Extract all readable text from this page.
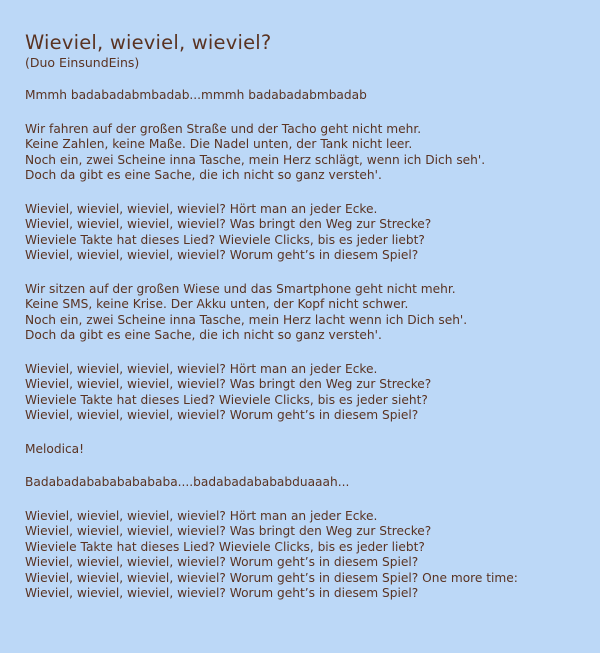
Wieviel, wieviel, wieviel?
(Duo EinsundEins)
Mmmh badabadabmbadab...mmmh badabadabmbadab
Wir fahren auf der großen Straße und der Tacho geht nicht mehr.
Keine Zahlen, keine Maße. Die Nadel unten, der Tank nicht leer.
Noch ein, zwei Scheine inna Tasche, mein Herz schlägt, wenn ich Dich seh'.
Doch da gibt es eine Sache, die ich nicht so ganz versteh'.
Wieviel, wieviel, wieviel, wieviel? Hört man an jeder Ecke.
Wieviel, wieviel, wieviel, wieviel? Was bringt den Weg zur Strecke?
Wieviele Takte hat dieses Lied? Wieviele Clicks, bis es jeder liebt?
Wieviel, wieviel, wieviel, wieviel? Worum geht’s in diesem Spiel?
Wir sitzen auf der großen Wiese und das Smartphone geht nicht mehr.
Keine SMS, keine Krise. Der Akku unten, der Kopf nicht schwer.
Noch ein, zwei Scheine inna Tasche, mein Herz lacht wenn ich Dich seh'.
Doch da gibt es eine Sache, die ich nicht so ganz versteh'.
Wieviel, wieviel, wieviel, wieviel? Hört man an jeder Ecke.
Wieviel, wieviel, wieviel, wieviel? Was bringt den Weg zur Strecke?
Wieviele Takte hat dieses Lied? Wieviele Clicks, bis es jeder sieht?
Wieviel, wieviel, wieviel, wieviel? Worum geht’s in diesem Spiel?
Melodica!
Badabadababababababa....badabadabababduaaah...
Wieviel, wieviel, wieviel, wieviel? Hört man an jeder Ecke.
Wieviel, wieviel, wieviel, wieviel? Was bringt den Weg zur Strecke?
Wieviele Takte hat dieses Lied? Wieviele Clicks, bis es jeder liebt?
Wieviel, wieviel, wieviel, wieviel? Worum geht’s in diesem Spiel?
Wieviel, wieviel, wieviel, wieviel? Worum geht’s in diesem Spiel? One more time:
Wieviel, wieviel, wieviel, wieviel? Worum geht’s in diesem Spiel?
